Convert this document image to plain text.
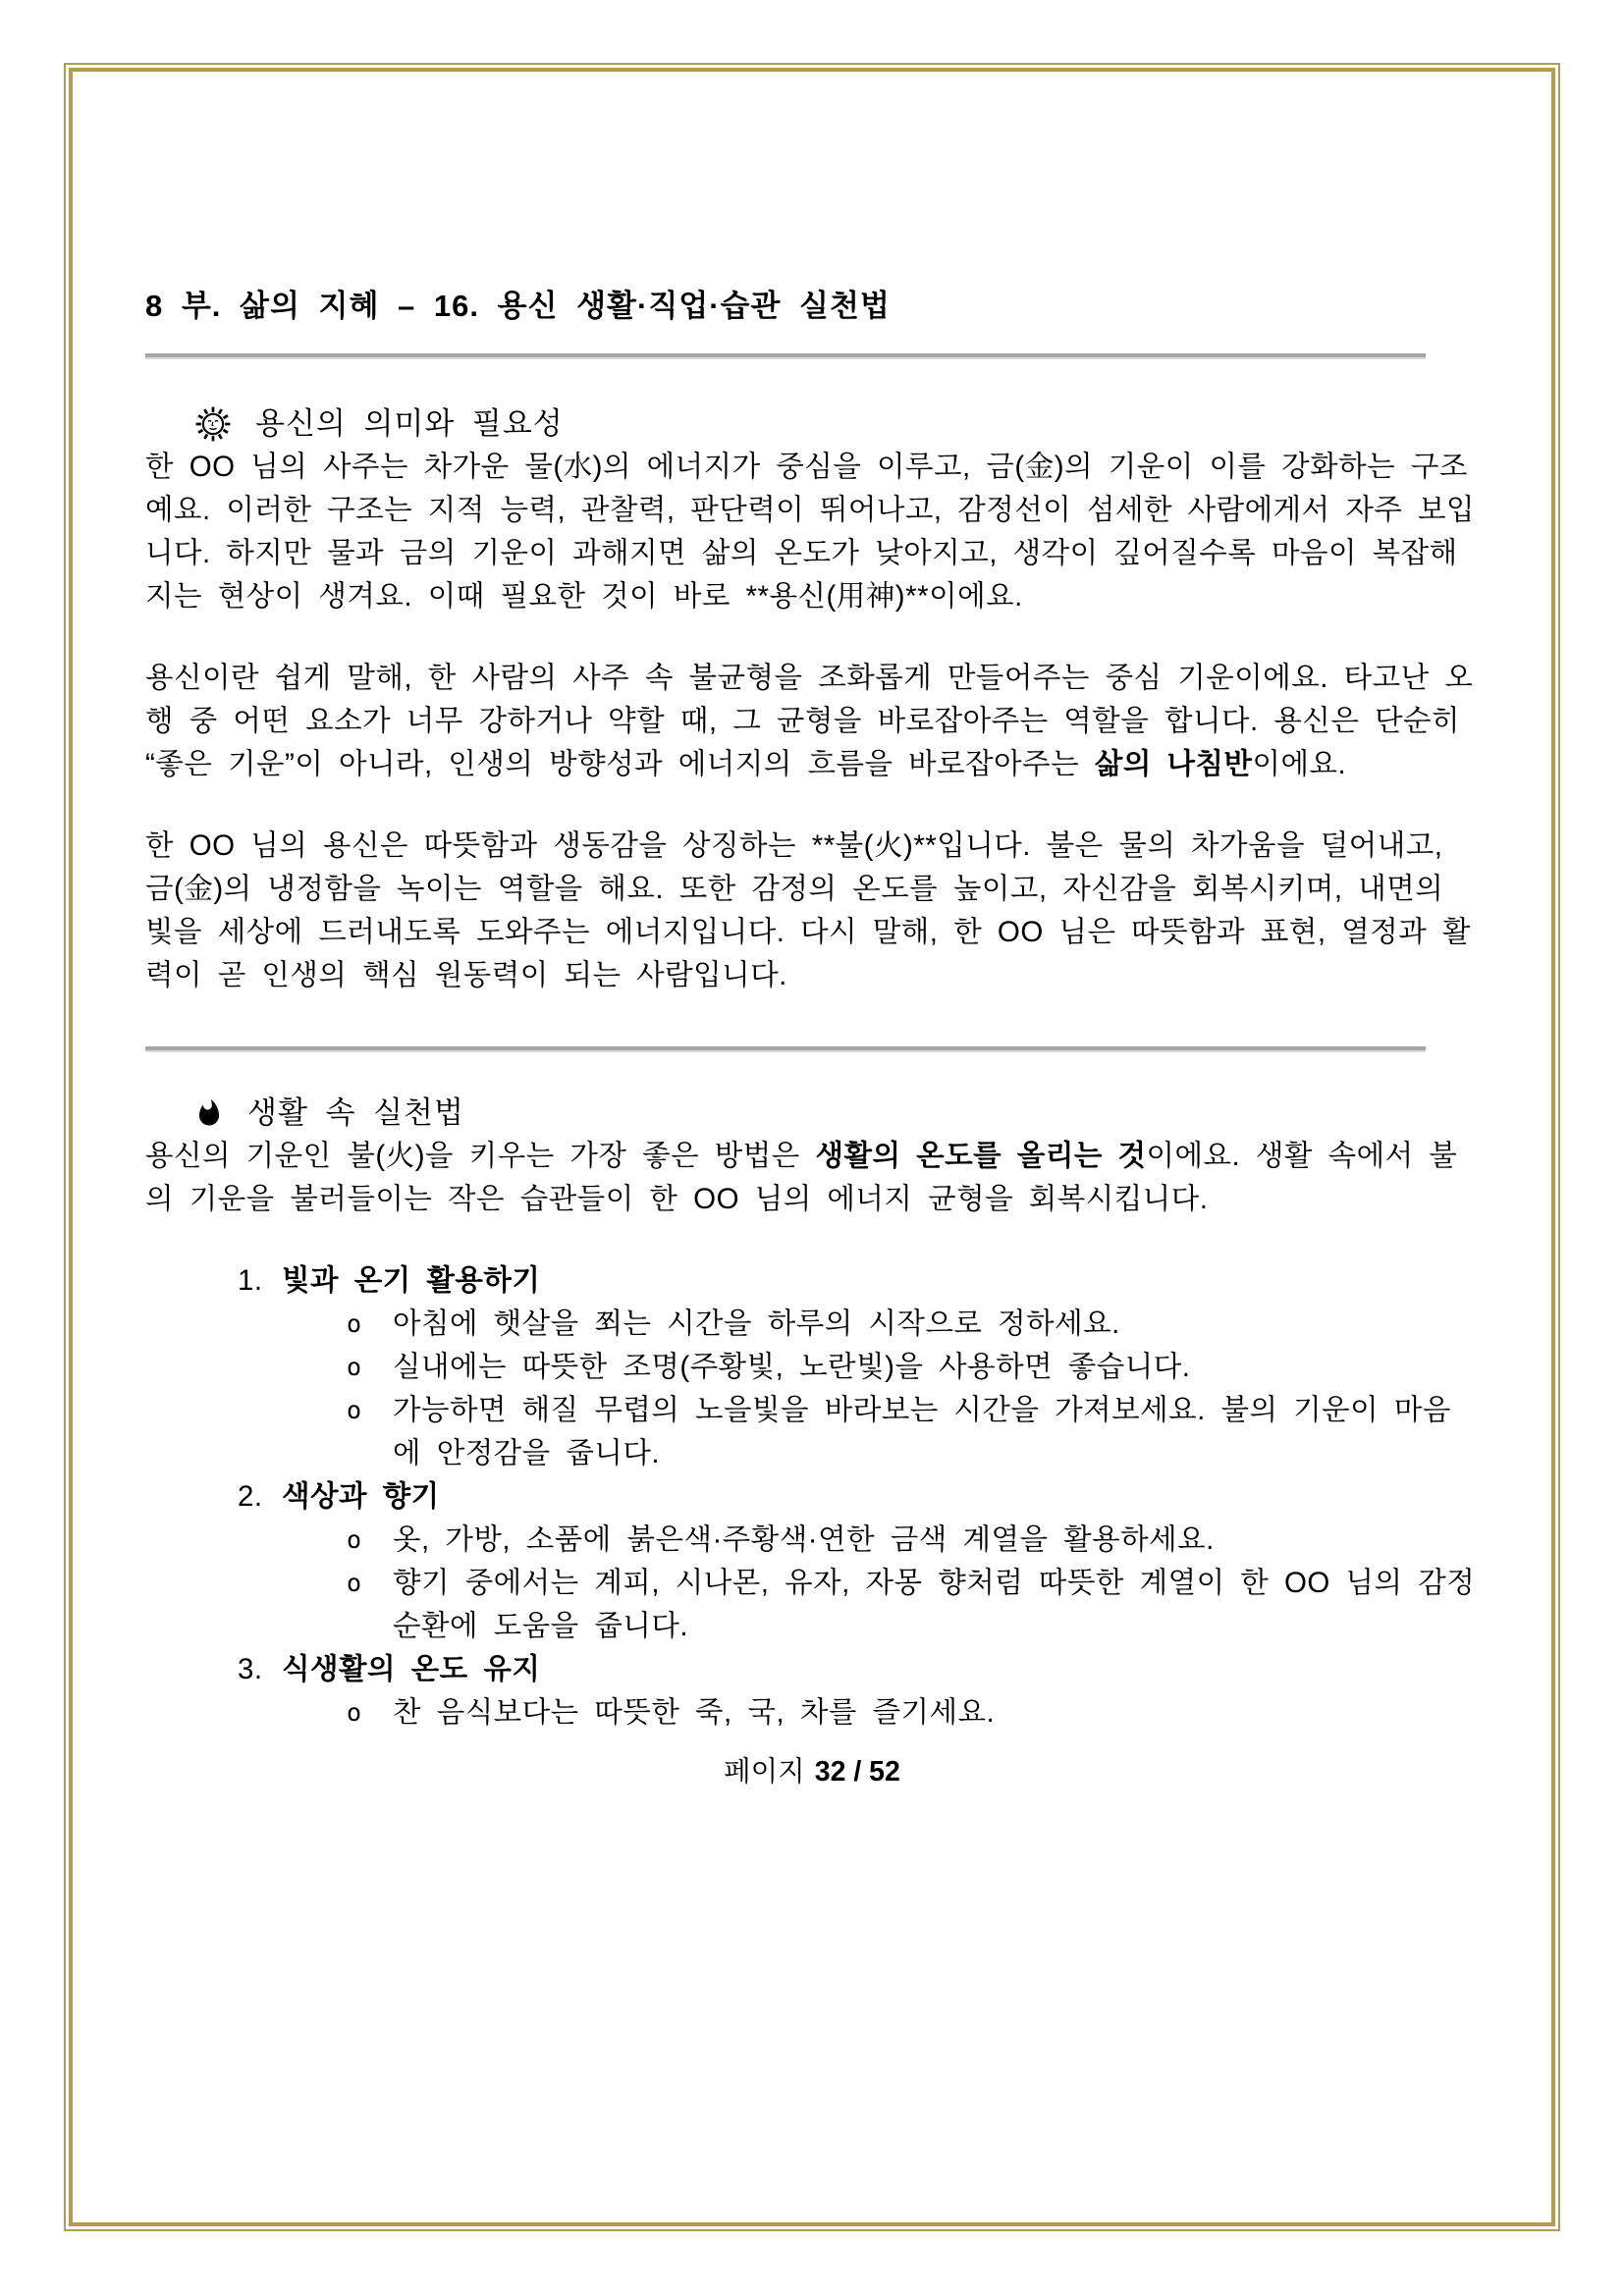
8 부. 삶의 지혜 – 16. 용신 생활·직업·습관 실천법
용신의 의미와 필요성

한 OO 님의 사주는 차가운 물(水)의 에너지가 중심을 이루고, 금(金)의 기운이 이를 강화하는 구조예요. 이러한 구조는 지적 능력, 관찰력, 판단력이 뛰어나고, 감정선이 섬세한 사람에게서 자주 보입니다. 하지만 물과 금의 기운이 과해지면 삶의 온도가 낮아지고, 생각이 깊어질수록 마음이 복잡해지는 현상이 생겨요. 이때 필요한 것이 바로 **용신(用神)**이에요.

용신이란 쉽게 말해, 한 사람의 사주 속 불균형을 조화롭게 만들어주는 중심 기운이에요. 타고난 오행 중 어떤 요소가 너무 강하거나 약할 때, 그 균형을 바로잡아주는 역할을 합니다. 용신은 단순히 “좋은 기운”이 아니라, 인생의 방향성과 에너지의 흐름을 바로잡아주는 삶의 나침반이에요.

한 OO 님의 용신은 따뜻함과 생동감을 상징하는 **불(火)**입니다. 불은 물의 차가움을 덜어내고, 금(金)의 냉정함을 녹이는 역할을 해요. 또한 감정의 온도를 높이고, 자신감을 회복시키며, 내면의 빛을 세상에 드러내도록 도와주는 에너지입니다. 다시 말해, 한 OO 님은 따뜻함과 표현, 열정과 활력이 곧 인생의 핵심 원동력이 되는 사람입니다.

생활 속 실천법

용신의 기운인 불(火)을 키우는 가장 좋은 방법은 생활의 온도를 올리는 것이에요. 생활 속에서 불의 기운을 불러들이는 작은 습관들이 한 OO 님의 에너지 균형을 회복시킵니다.

1. 빛과 온기 활용하기
o	아침에 햇살을 쬐는 시간을 하루의 시작으로 정하세요.
o	실내에는 따뜻한 조명(주황빛, 노란빛)을 사용하면 좋습니다.
o	가능하면 해질 무렵의 노을빛을 바라보는 시간을 가져보세요. 불의 기운이 마음에 안정감을 줍니다.
2. 색상과 향기
o	옷, 가방, 소품에 붉은색·주황색·연한 금색 계열을 활용하세요.
o	향기 중에서는 계피, 시나몬, 유자, 자몽 향처럼 따뜻한 계열이 한 OO 님의 감정 순환에 도움을 줍니다.
3. 식생활의 온도 유지
o	찬 음식보다는 따뜻한 죽, 국, 차를 즐기세요.
페이지 32 / 52
